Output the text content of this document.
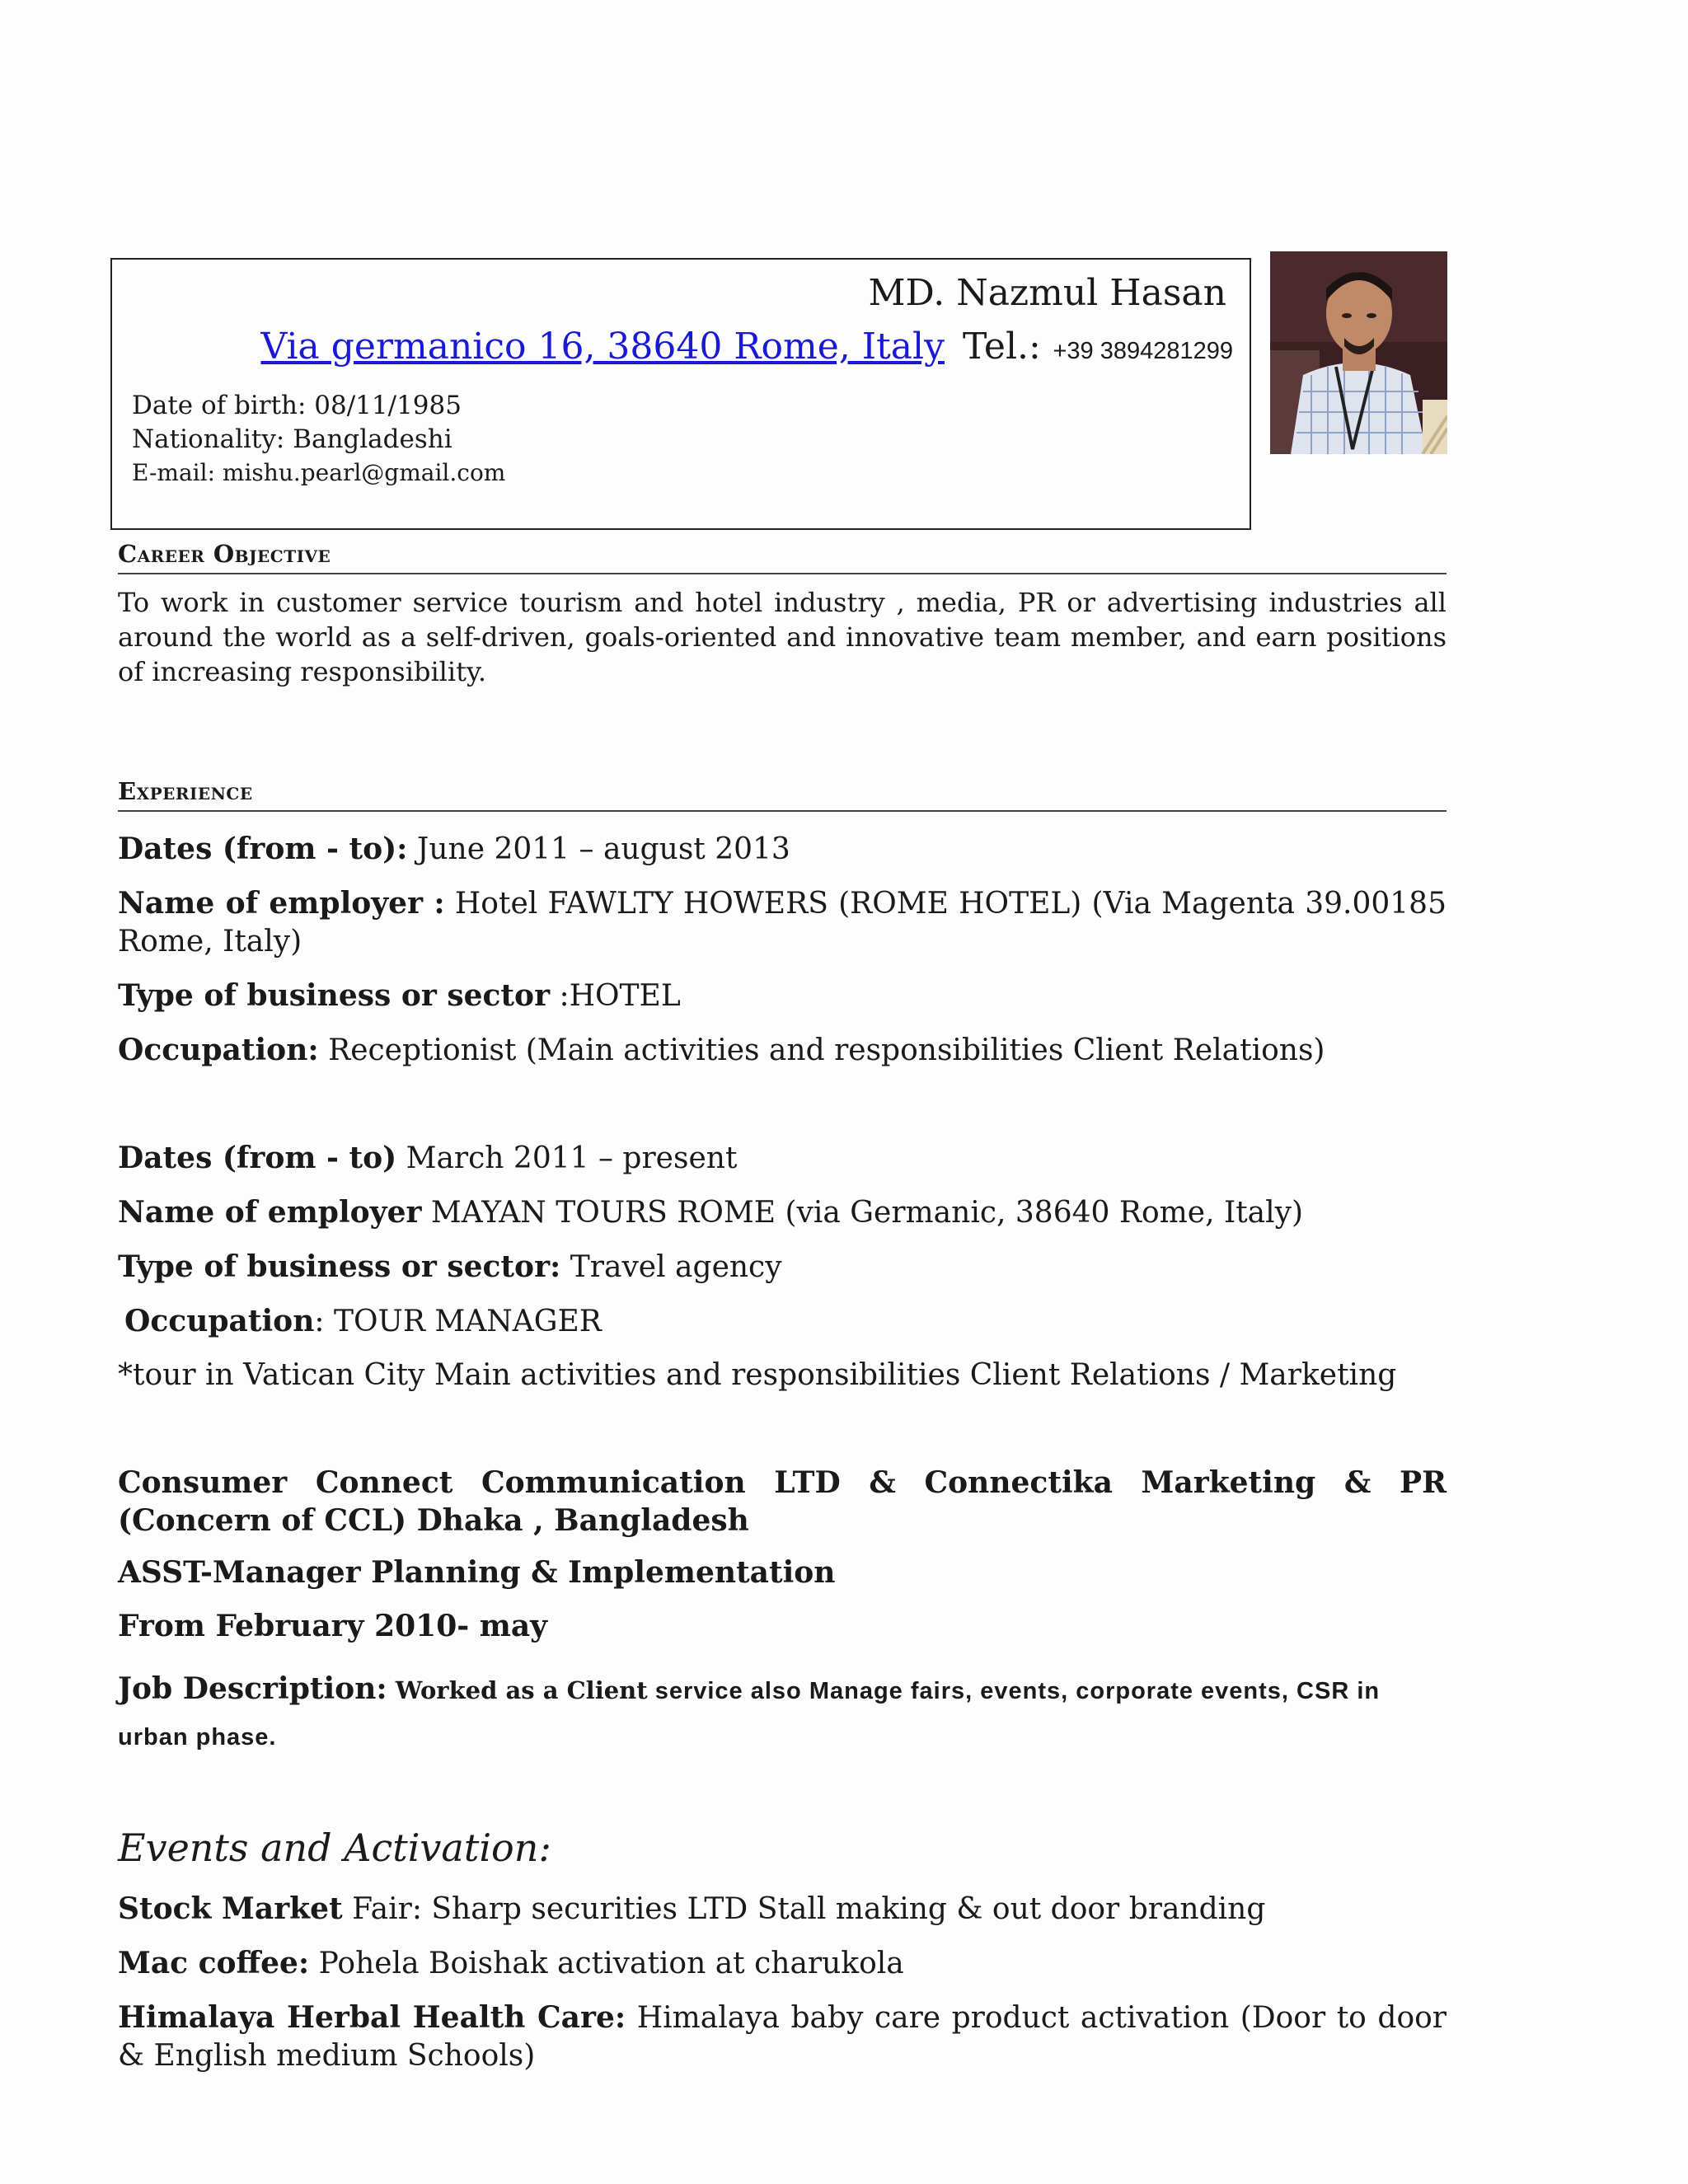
MD. Nazmul Hasan
Via germanico 16, 38640 Rome, Italy Tel.: +39 3894281299
Date of birth: 08/11/1985
Nationality: Bangladeshi
E-mail: mishu.pearl@gmail.com
Career Objective
To work in customer service tourism and hotel industry , media, PR or advertising industries all around the world as a self-driven, goals-oriented and innovative team member, and earn positions of increasing responsibility.
Experience
Dates (from - to): June 2011 – august 2013
Name of employer : Hotel FAWLTY HOWERS (ROME HOTEL) (Via Magenta 39.00185 Rome, Italy)
Type of business or sector :HOTEL
Occupation: Receptionist (Main activities and responsibilities Client Relations)
Dates (from - to) March 2011 – present
Name of employer MAYAN TOURS ROME (via Germanic, 38640 Rome, Italy)
Type of business or sector: Travel agency
Occupation: TOUR MANAGER
*tour in Vatican City Main activities and responsibilities Client Relations / Marketing
Consumer Connect Communication LTD & Connectika Marketing & PR (Concern of CCL) Dhaka , Bangladesh
ASST-Manager Planning & Implementation
From February 2010- may
Job Description: Worked as a Client service also Manage fairs, events, corporate events, CSR in urban phase.
Events and Activation:
Stock Market Fair: Sharp securities LTD Stall making & out door branding
Mac coffee: Pohela Boishak activation at charukola
Himalaya Herbal Health Care: Himalaya baby care product activation (Door to door & English medium Schools)
